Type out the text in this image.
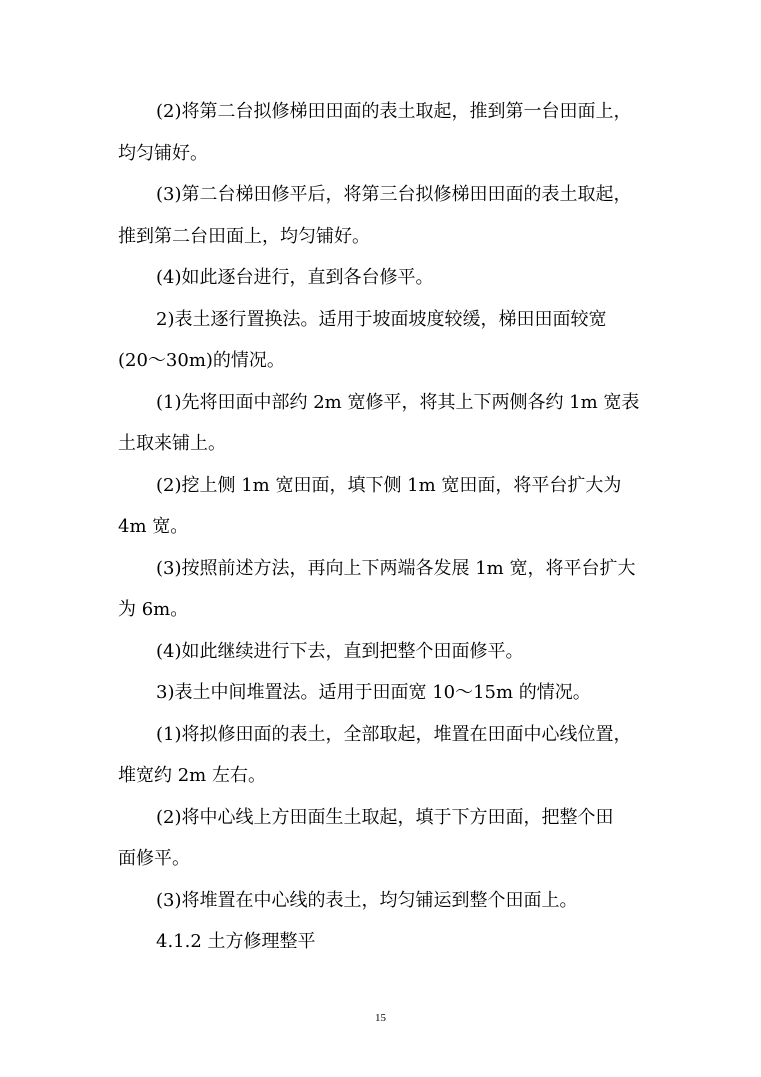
(2)将第二台拟修梯田田面的表土取起，推到第一台田面上，
均匀铺好。
(3)第二台梯田修平后，将第三台拟修梯田田面的表土取起，
推到第二台田面上，均匀铺好。
(4)如此逐台进行，直到各台修平。
2)表土逐行置换法。适用于坡面坡度较缓，梯田田面较宽
(20～30m)的情况。
(1)先将田面中部约 2m 宽修平，将其上下两侧各约 1m 宽表
土取来铺上。
(2)挖上侧 1m 宽田面，填下侧 1m 宽田面，将平台扩大为
4m 宽。
(3)按照前述方法，再向上下两端各发展 1m 宽，将平台扩大
为 6m。
(4)如此继续进行下去，直到把整个田面修平。
3)表土中间堆置法。适用于田面宽 10～15m 的情况。
(1)将拟修田面的表土，全部取起，堆置在田面中心线位置，
堆宽约 2m 左右。
(2)将中心线上方田面生土取起，填于下方田面，把整个田
面修平。
(3)将堆置在中心线的表土，均匀铺运到整个田面上。
4.1.2 土方修理整平
15
